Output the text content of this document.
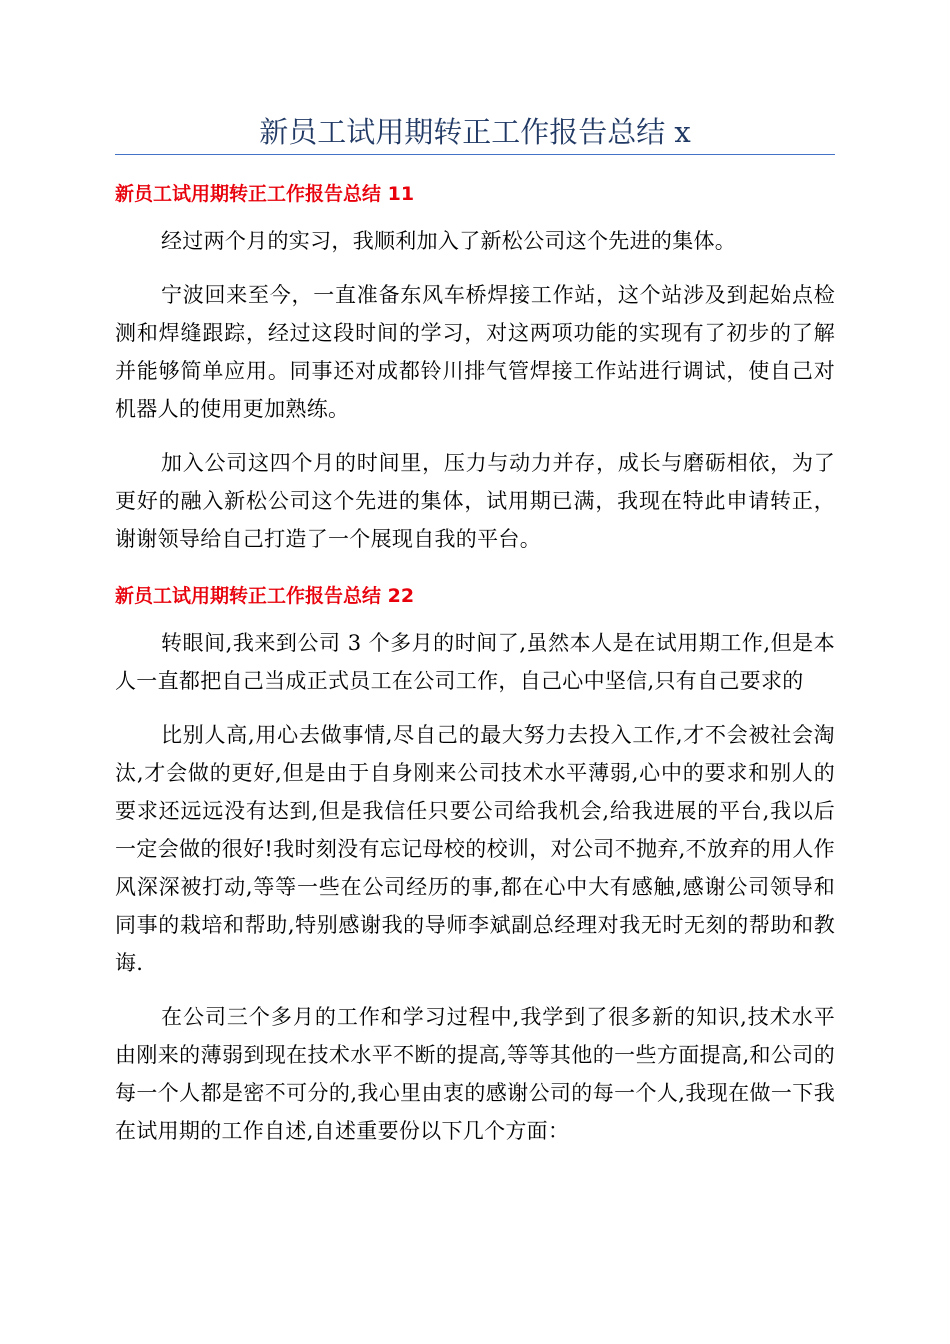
新员工试用期转正工作报告总结 x
新员工试用期转正工作报告总结 11

经过两个月的实习，我顺利加入了新松公司这个先进的集体。

宁波回来至今，一直准备东风车桥焊接工作站，这个站涉及到起始点检测和焊缝跟踪，经过这段时间的学习，对这两项功能的实现有了初步的了解并能够简单应用。同事还对成都铃川排气管焊接工作站进行调试，使自己对机器人的使用更加熟练。

加入公司这四个月的时间里，压力与动力并存，成长与磨砺相依，为了更好的融入新松公司这个先进的集体，试用期已满，我现在特此申请转正，谢谢领导给自己打造了一个展现自我的平台。

新员工试用期转正工作报告总结 22

转眼间,我来到公司 3 个多月的时间了,虽然本人是在试用期工作,但是本人一直都把自己当成正式员工在公司工作，自己心中坚信,只有自己要求的

比别人高,用心去做事情,尽自己的最大努力去投入工作,才不会被社会淘汰,才会做的更好,但是由于自身刚来公司技术水平薄弱,心中的要求和别人的要求还远远没有达到,但是我信任只要公司给我机会,给我进展的平台,我以后一定会做的很好!我时刻没有忘记母校的校训，对公司不抛弃,不放弃的用人作风深深被打动,等等一些在公司经历的事,都在心中大有感触,感谢公司领导和同事的栽培和帮助,特别感谢我的导师李斌副总经理对我无时无刻的帮助和教诲.

在公司三个多月的工作和学习过程中,我学到了很多新的知识,技术水平由刚来的薄弱到现在技术水平不断的提高,等等其他的一些方面提高,和公司的每一个人都是密不可分的,我心里由衷的感谢公司的每一个人,我现在做一下我在试用期的工作自述,自述重要份以下几个方面：
